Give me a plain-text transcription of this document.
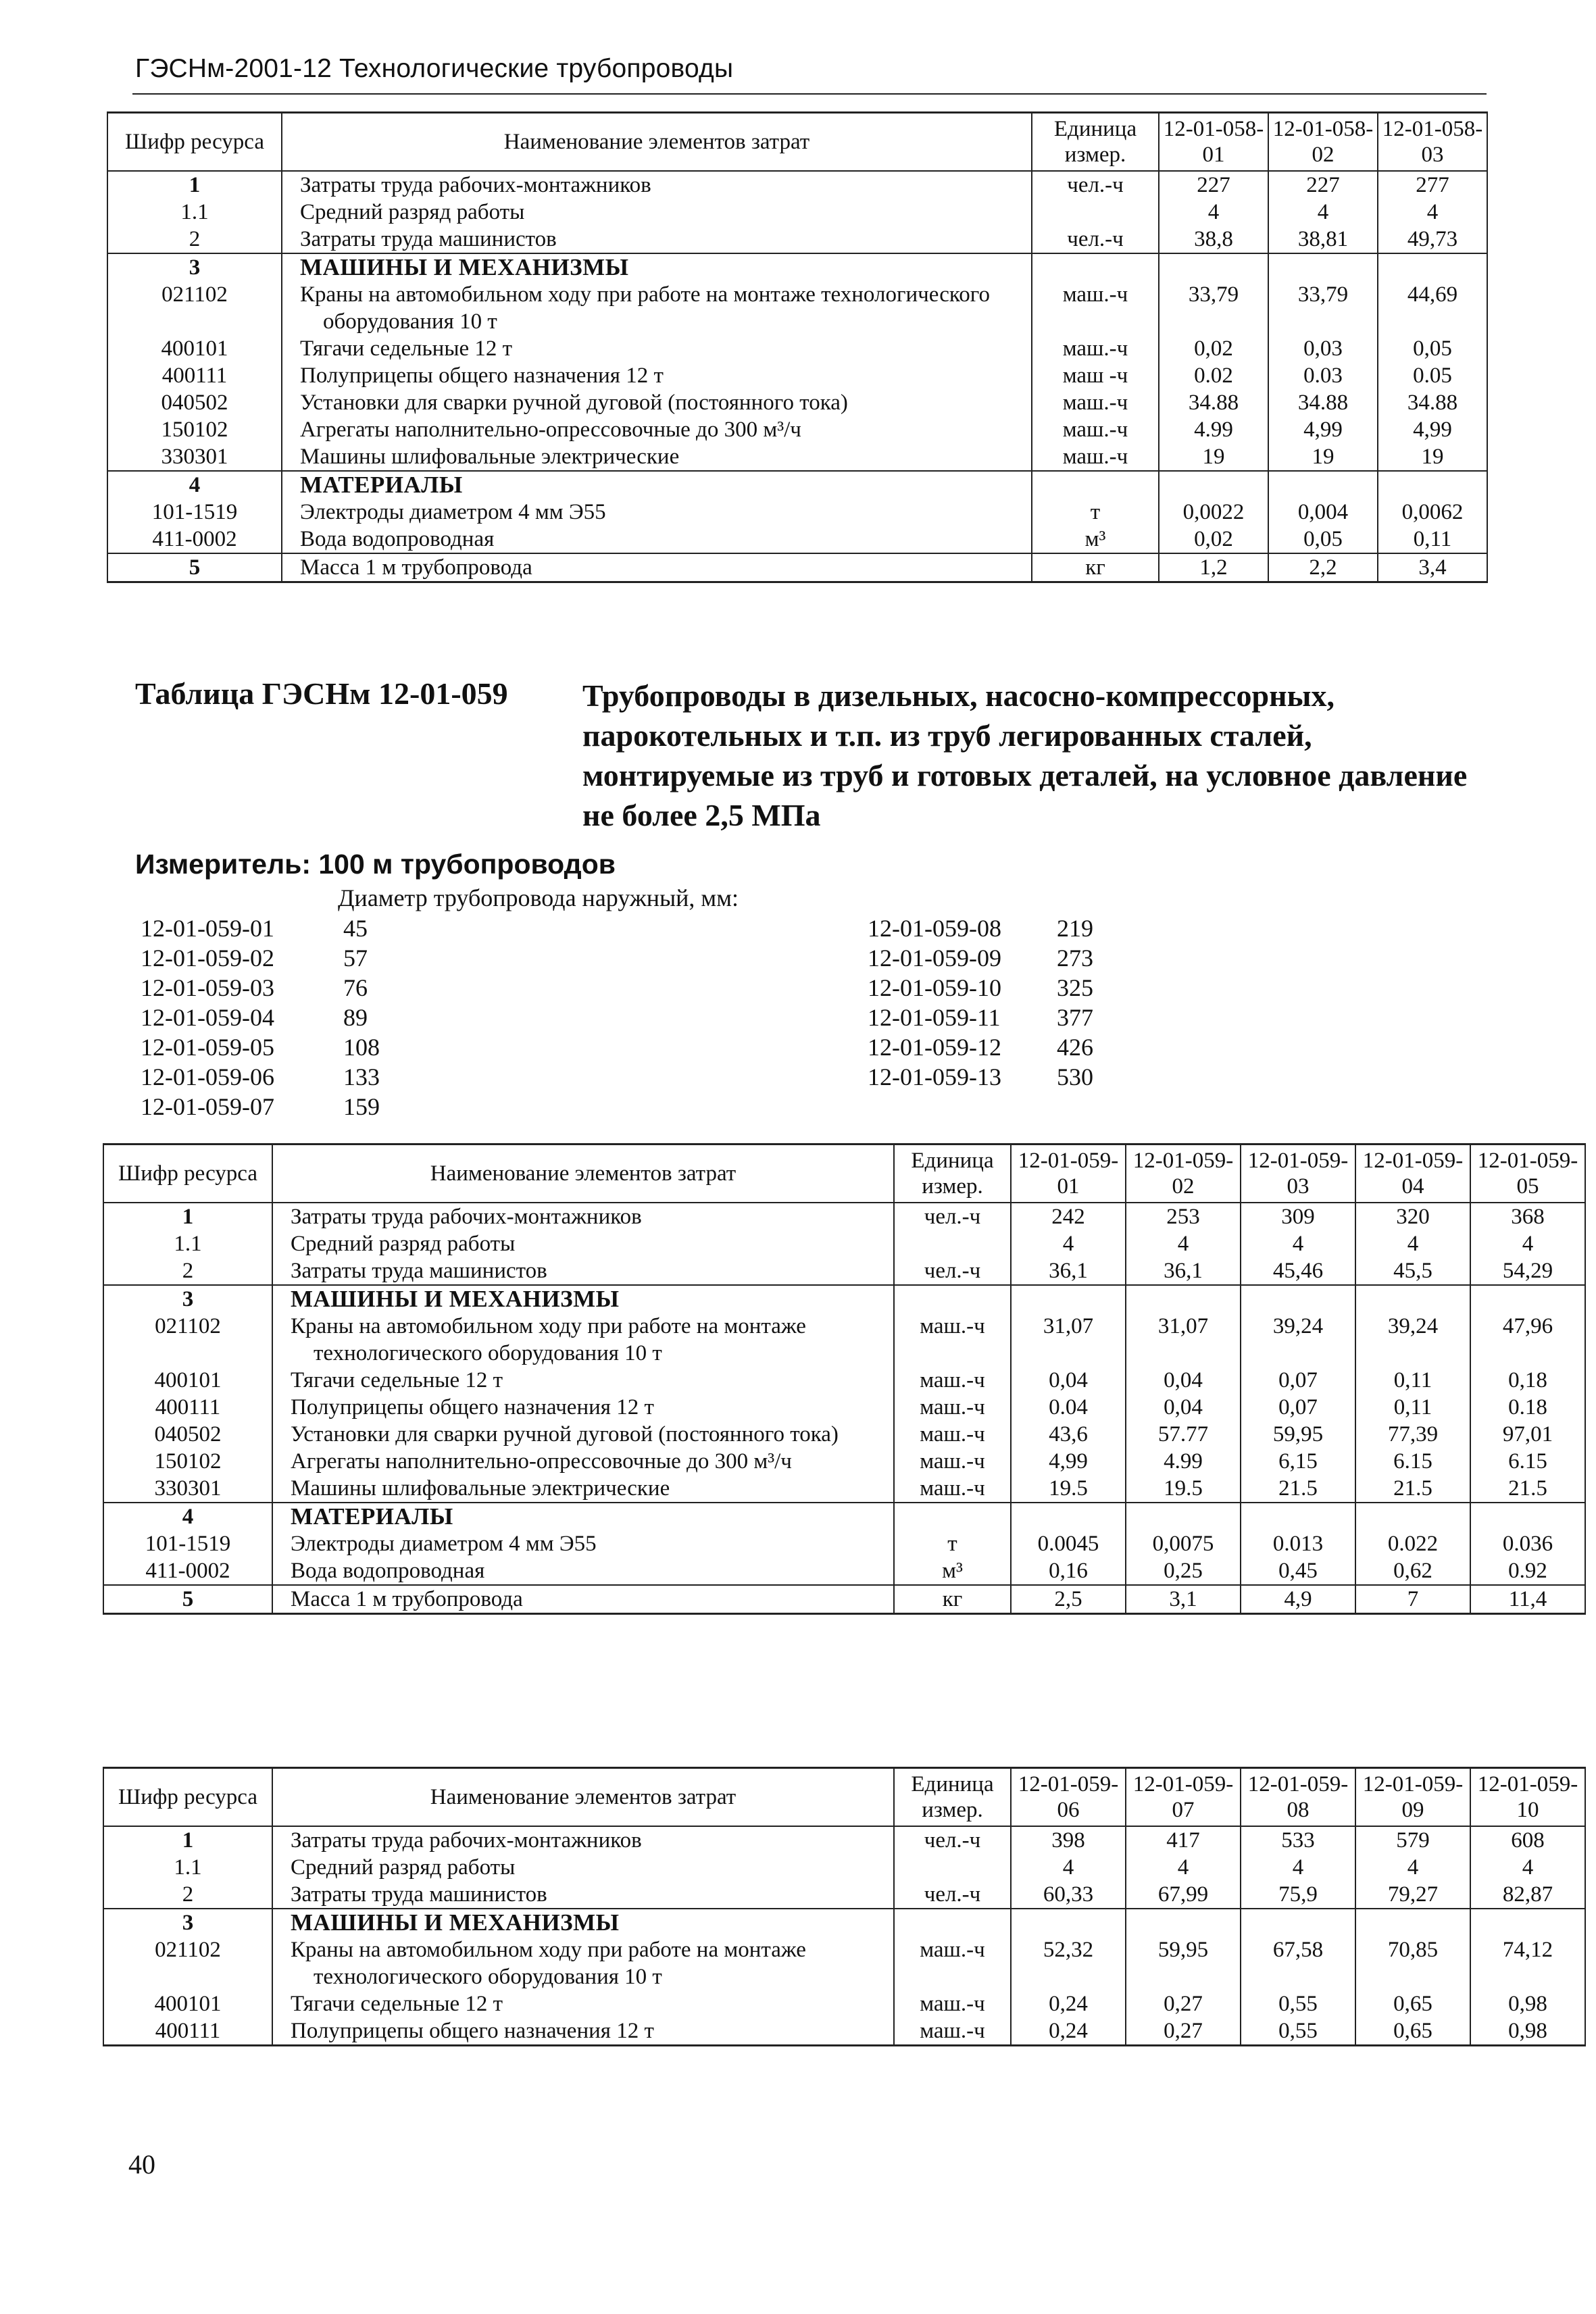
ГЭСНм-2001-12 Технологические трубопроводы
Шифр ресурса	Наименование элементов затрат	Единица измер.	12-01-058-01	12-01-058-02	12-01-058-03
1	Затраты труда рабочих-монтажников	чел.-ч	227	227	277
1.1	Средний разряд работы		4	4	4
2	Затраты труда машинистов	чел.-ч	38,8	38,81	49,73
3	МАШИНЫ И МЕХАНИЗМЫ				

021102	Краны на автомобильном ходу при работе на монтаже технологического оборудования 10 т	маш.-ч	33,79	33,79	44,69
400101	Тягачи седельные 12 т	маш.-ч	0,02	0,03	0,05
400111	Полуприцепы общего назначения 12 т	маш -ч	0.02	0.03	0.05
040502	Установки для сварки ручной дуговой (постоянного тока)	маш.-ч	34.88	34.88	34.88
150102	Агрегаты наполнительно-опрессовочные до 300 м³/ч	маш.-ч	4.99	4,99	4,99
330301	Машины шлифовальные электрические	маш.-ч	19	19	19
4	МАТЕРИАЛЫ				

101-1519	Электроды диаметром 4 мм Э55	т	0,0022	0,004	0,0062
411-0002	Вода водопроводная	м³	0,02	0,05	0,11
5	Масса 1 м трубопровода	кг	1,2	2,2	3,4
Таблица ГЭСНм 12-01-059 Трубопроводы в дизельных, насосно-компрессорных, парокотельных и т.п. из труб легированных сталей, монтируемые из труб и готовых деталей, на условное давление не более 2,5 МПа
Измеритель: 100 м трубопроводов
Диаметр трубопровода наружный, мм:
12-01-059-01	45
12-01-059-02	57
12-01-059-03	76
12-01-059-04	89
12-01-059-05	108
12-01-059-06	133
12-01-059-07	159
12-01-059-08 219
12-01-059-09 273
12-01-059-10 325
12-01-059-11 377
12-01-059-12 426
12-01-059-13 530
Шифр ресурса	Наименование элементов затрат	Единица измер.	12-01-059-01	12-01-059-02	12-01-059-03	12-01-059-04	12-01-059-05
1	Затраты труда рабочих-монтажников	чел.-ч	242	253	309	320	368
1.1	Средний разряд работы		4	4	4	4	4
2	Затраты труда машинистов	чел.-ч	36,1	36,1	45,46	45,5	54,29
3	МАШИНЫ И МЕХАНИЗМЫ						

021102	Краны на автомобильном ходу при работе на монтаже технологического оборудования 10 т	маш.-ч	31,07	31,07	39,24	39,24	47,96
400101	Тягачи седельные 12 т	маш.-ч	0,04	0,04	0,07	0,11	0,18
400111	Полуприцепы общего назначения 12 т	маш.-ч	0.04	0,04	0,07	0,11	0.18
040502	Установки для сварки ручной дуговой (постоянного тока)	маш.-ч	43,6	57.77	59,95	77,39	97,01
150102	Агрегаты наполнительно-опрессовочные до 300 м³/ч	маш.-ч	4,99	4.99	6,15	6.15	6.15
330301	Машины шлифовальные электрические	маш.-ч	19.5	19.5	21.5	21.5	21.5
4	МАТЕРИАЛЫ						

101-1519	Электроды диаметром 4 мм Э55	т	0.0045	0,0075	0.013	0.022	0.036
411-0002	Вода водопроводная	м³	0,16	0,25	0,45	0,62	0.92
5	Масса 1 м трубопровода	кг	2,5	3,1	4,9	7	11,4
Шифр ресурса	Наименование элементов затрат	Единица измер.	12-01-059-06	12-01-059-07	12-01-059-08	12-01-059-09	12-01-059-10
1	Затраты труда рабочих-монтажников	чел.-ч	398	417	533	579	608
1.1	Средний разряд работы		4	4	4	4	4
2	Затраты труда машинистов	чел.-ч	60,33	67,99	75,9	79,27	82,87
3	МАШИНЫ И МЕХАНИЗМЫ						

021102	Краны на автомобильном ходу при работе на монтаже технологического оборудования 10 т	маш.-ч	52,32	59,95	67,58	70,85	74,12
400101	Тягачи седельные 12 т	маш.-ч	0,24	0,27	0,55	0,65	0,98
400111	Полуприцепы общего назначения 12 т	маш.-ч	0,24	0,27	0,55	0,65	0,98
40
